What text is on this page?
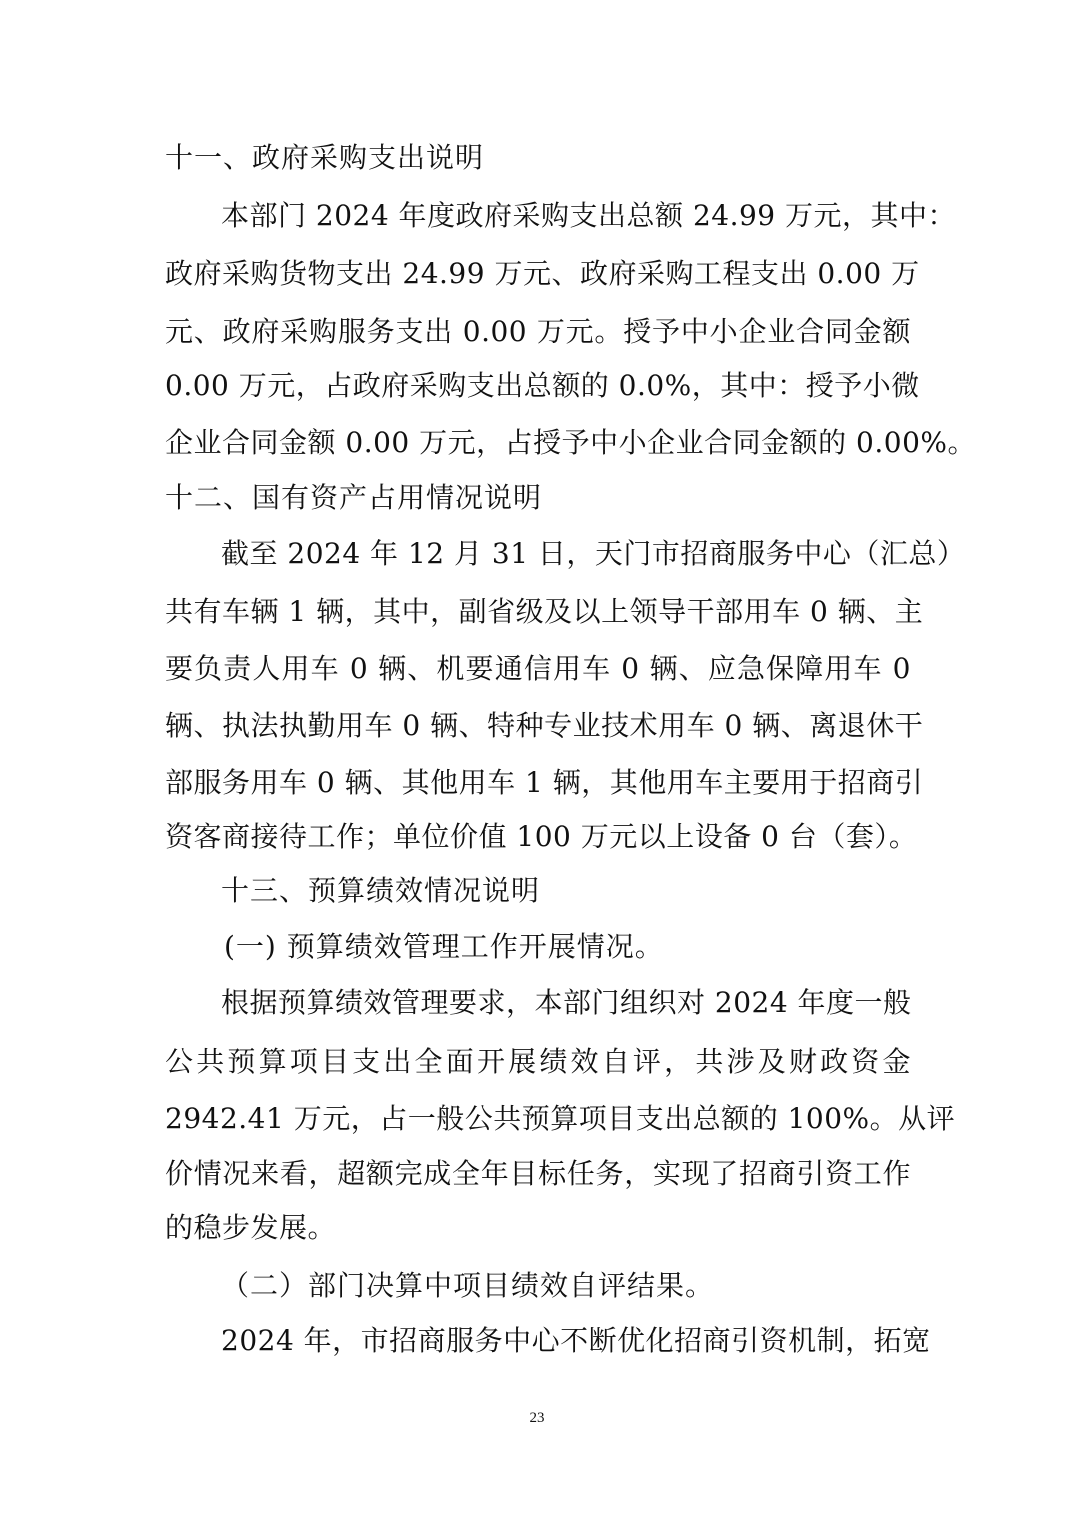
十一、政府采购支出说明
本部门 2024 年度政府采购支出总额 24.99 万元，其中：
政府采购货物支出 24.99 万元、政府采购工程支出 0.00 万
元、政府采购服务支出 0.00 万元。授予中小企业合同金额
0.00 万元，占政府采购支出总额的 0.0%，其中：授予小微
企业合同金额 0.00 万元，占授予中小企业合同金额的 0.00%。
十二、国有资产占用情况说明
截至 2024 年 12 月 31 日，天门市招商服务中心（汇总）
共有车辆 1 辆，其中，副省级及以上领导干部用车 0 辆、主
要负责人用车 0 辆、机要通信用车 0 辆、应急保障用车 0
辆、执法执勤用车 0 辆、特种专业技术用车 0 辆、离退休干
部服务用车 0 辆、其他用车 1 辆，其他用车主要用于招商引
资客商接待工作；单位价值 100 万元以上设备 0 台（套）。
十三、预算绩效情况说明
(一) 预算绩效管理工作开展情况。
根据预算绩效管理要求，本部门组织对 2024 年度一般
公共预算项目支出全面开展绩效自评，共涉及财政资金
2942.41 万元，占一般公共预算项目支出总额的 100%。从评
价情况来看，超额完成全年目标任务，实现了招商引资工作
的稳步发展。
（二）部门决算中项目绩效自评结果。
2024 年，市招商服务中心不断优化招商引资机制，拓宽
23
